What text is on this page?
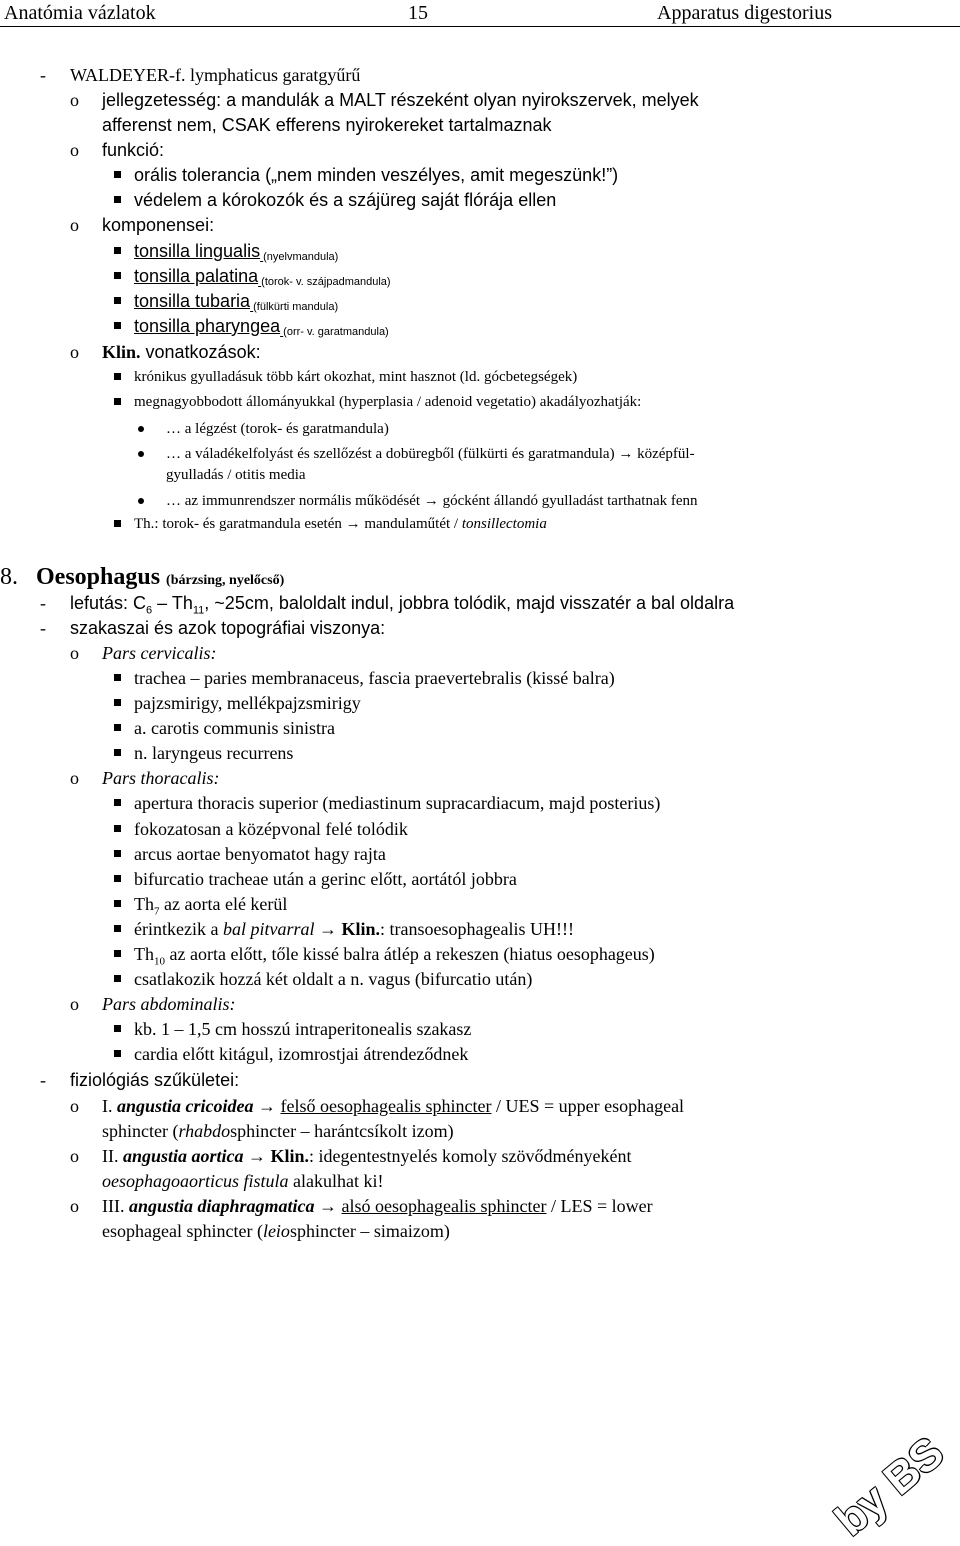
Anatómia vázlatok	15	Apparatus digestorius
- WALDEYER-f. lymphaticus garatgyűrű
o jellegzetesség: a mandulák a MALT részeként olyan nyirokszervek, melyek
afferenst nem, CSAK efferens nyirokereket tartalmaznak
o funkció:
orális tolerancia („nem minden veszélyes, amit megeszünk!”)
védelem a kórokozók és a szájüreg saját flórája ellen
o komponensei:
tonsilla lingualis (nyelvmandula)
tonsilla palatina (torok- v. szájpadmandula)
tonsilla tubaria (fülkürti mandula)
tonsilla pharyngea (orr- v. garatmandula)
o Klin. vonatkozások:
krónikus gyulladásuk több kárt okozhat, mint hasznot (ld. gócbetegségek)
megnagyobbodott állományukkal (hyperplasia / adenoid vegetatio) akadályozhatják:
… a légzést (torok- és garatmandula)
… a váladékelfolyást és szellőzést a dobüregből (fülkürti és garatmandula) → középfül-
gyulladás / otitis media
… az immunrendszer normális működését → gócként állandó gyulladást tarthatnak fenn
Th.: torok- és garatmandula esetén → mandulaműtét / tonsillectomia
8. Oesophagus (bárzsing, nyelőcső)
- lefutás: $C_6 - Th_{11}$, ~25cm, baloldalt indul, jobbra tolódik, majd visszatér a bal oldalra
- szakaszai és azok topográfiai viszonya:
o Pars cervicalis:
trachea – paries membranaceus, fascia praevertebralis (kissé balra)
pajzsmirigy, mellékpajzsmirigy
a. carotis communis sinistra
n. laryngeus recurrens
o Pars thoracalis:
apertura thoracis superior (mediastinum supracardiacum, majd posterius)
fokozatosan a középvonal felé tolódik
arcus aortae benyomatot hagy rajta
bifurcatio tracheae után a gerinc előtt, aortától jobbra
$Th_7$ az aorta elé kerül
érintkezik a bal pitvarral → Klin.: transoesophagealis UH!!!
$Th_{10}$ az aorta előtt, tőle kissé balra átlép a rekeszen (hiatus oesophageus)
csatlakozik hozzá két oldalt a n. vagus (bifurcatio után)
o Pars abdominalis:
kb. 1 – 1,5 cm hosszú intraperitonealis szakasz
cardia előtt kitágul, izomrostjai átrendeződnek
- fiziológiás szűkületei:
o I. angustia cricoidea → felső oesophagealis sphincter / UES = upper esophageal
sphincter (rhabdosphincter – harántcsíkolt izom)
o II. angustia aortica → Klin.: idegentestnyelés komoly szövődményeként
oesophagoaorticus fistula alakulhat ki!
o III. angustia diaphragmatica → alsó oesophagealis sphincter / LES = lower
esophageal sphincter (leiosphincter – simaizom)
by BS
